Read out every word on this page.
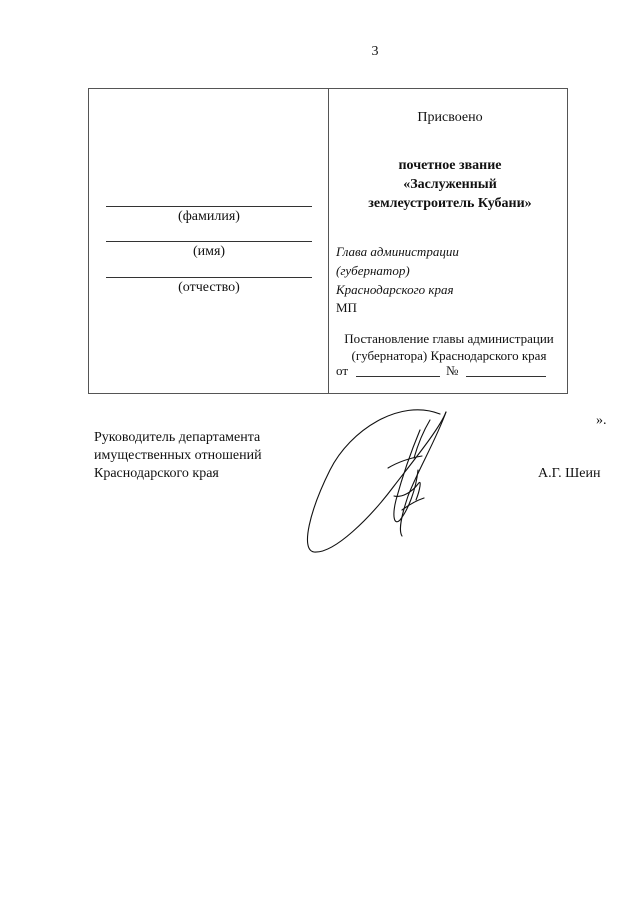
3
(фамилия)
(имя)
(отчество)
Присвоено
почетное звание
«Заслуженный
землеустроитель Кубани»
Глава администрации
(губернатор)
Краснодарского края
МП
Постановление главы администрации
(губернатора) Краснодарского края
от	№
».
Руководитель департамента
имущественных отношений
Краснодарского края	А.Г. Шеин
